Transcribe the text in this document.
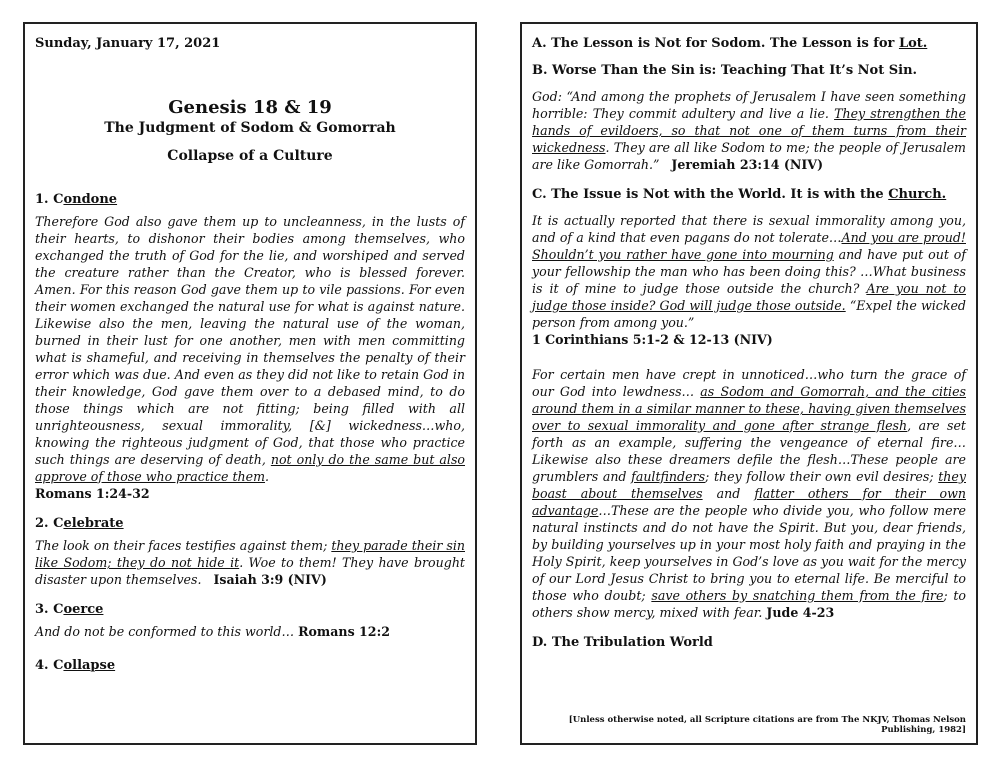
Sunday, January 17, 2021
Genesis 18 & 19
The Judgment of Sodom & Gomorrah
Collapse of a Culture
1. Condone
Therefore God also gave them up to uncleanness, in the lusts of their hearts, to dishonor their bodies among themselves, who exchanged the truth of God for the lie, and worshiped and served the creature rather than the Creator, who is blessed forever. Amen. For this reason God gave them up to vile passions. For even their women exchanged the natural use for what is against nature. Likewise also the men, leaving the natural use of the woman, burned in their lust for one another, men with men committing what is shameful, and receiving in themselves the penalty of their error which was due. And even as they did not like to retain God in their knowledge, God gave them over to a debased mind, to do those things which are not fitting; being filled with all unrighteousness, sexual immorality, [&] wickedness…who, knowing the righteous judgment of God, that those who practice such things are deserving of death, not only do the same but also approve of those who practice them.
Romans 1:24-32
2. Celebrate
The look on their faces testifies against them; they parade their sin like Sodom; they do not hide it. Woe to them! They have brought disaster upon themselves. Isaiah 3:9 (NIV)
3. Coerce
And do not be conformed to this world… Romans 12:2
4. Collapse
A. The Lesson is Not for Sodom. The Lesson is for Lot.
B. Worse Than the Sin is: Teaching That It’s Not Sin.
God: “And among the prophets of Jerusalem I have seen something horrible: They commit adultery and live a lie. They strengthen the hands of evildoers, so that not one of them turns from their wickedness. They are all like Sodom to me; the people of Jerusalem are like Gomorrah.” Jeremiah 23:14 (NIV)
C. The Issue is Not with the World. It is with the Church.
It is actually reported that there is sexual immorality among you, and of a kind that even pagans do not tolerate…And you are proud! Shouldn’t you rather have gone into mourning and have put out of your fellowship the man who has been doing this? …What business is it of mine to judge those outside the church? Are you not to judge those inside? God will judge those outside. “Expel the wicked person from among you.”
1 Corinthians 5:1-2 & 12-13 (NIV)
For certain men have crept in unnoticed…who turn the grace of our God into lewdness… as Sodom and Gomorrah, and the cities around them in a similar manner to these, having given themselves over to sexual immorality and gone after strange flesh, are set forth as an example, suffering the vengeance of eternal fire…Likewise also these dreamers defile the flesh…These people are grumblers and faultfinders; they follow their own evil desires; they boast about themselves and flatter others for their own advantage…These are the people who divide you, who follow mere natural instincts and do not have the Spirit. But you, dear friends, by building yourselves up in your most holy faith and praying in the Holy Spirit, keep yourselves in God’s love as you wait for the mercy of our Lord Jesus Christ to bring you to eternal life. Be merciful to those who doubt; save others by snatching them from the fire; to others show mercy, mixed with fear. Jude 4-23
D. The Tribulation World
[Unless otherwise noted, all Scripture citations are from The NKJV, Thomas Nelson Publishing, 1982]
